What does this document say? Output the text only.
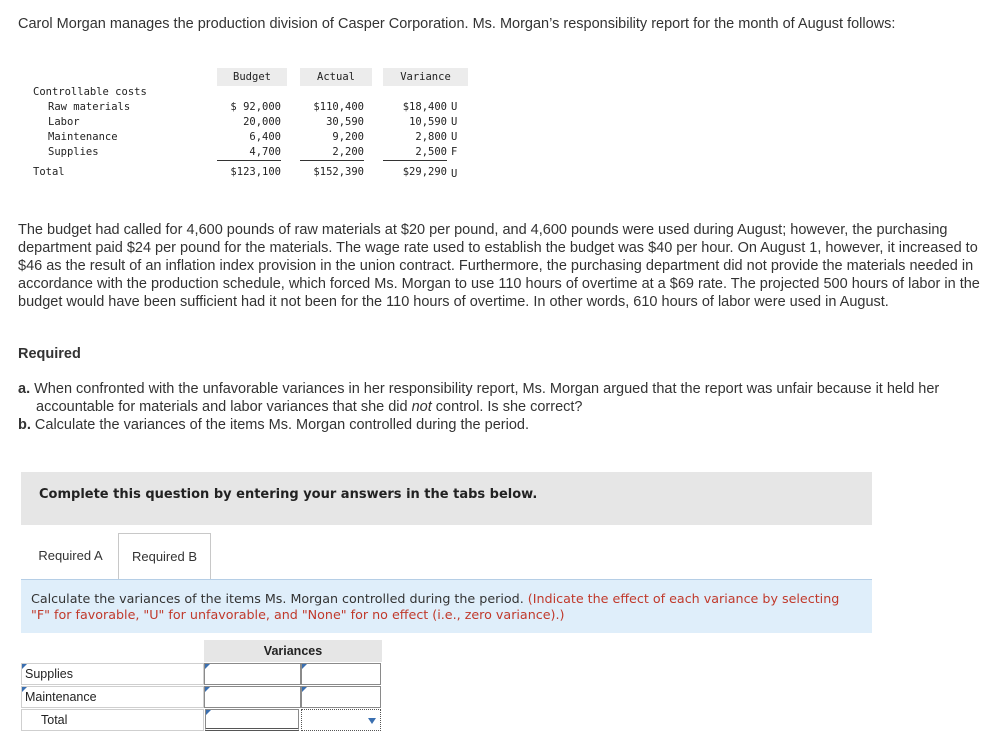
Carol Morgan manages the production division of Casper Corporation. Ms. Morgan’s responsibility report for the month of August follows:
Budget	Actual	Variance
Controllable costs
Raw materials	$ 92,000	$110,400	$18,400 U
Labor	20,000	30,590	10,590 U
Maintenance	6,400	9,200	2,800 U
Supplies	4,700	2,200	2,500 F
Total	$123,100	$152,390	$29,290 U
The budget had called for 4,600 pounds of raw materials at $20 per pound, and 4,600 pounds were used during August; however, the purchasing department paid $24 per pound for the materials. The wage rate used to establish the budget was $40 per hour. On August 1, however, it increased to $46 as the result of an inflation index provision in the union contract. Furthermore, the purchasing department did not provide the materials needed in accordance with the production schedule, which forced Ms. Morgan to use 110 hours of overtime at a $69 rate. The projected 500 hours of labor in the budget would have been sufficient had it not been for the 110 hours of overtime. In other words, 610 hours of labor were used in August.
Required
a. When confronted with the unfavorable variances in her responsibility report, Ms. Morgan argued that the report was unfair because it held her accountable for materials and labor variances that she did not control. Is she correct?
b. Calculate the variances of the items Ms. Morgan controlled during the period.
Complete this question by entering your answers in the tabs below.
Required A	Required B
Calculate the variances of the items Ms. Morgan controlled during the period. (Indicate the effect of each variance by selecting "F" for favorable, "U" for unfavorable, and "None" for no effect (i.e., zero variance).)
Variances
Supplies
Maintenance
Total
